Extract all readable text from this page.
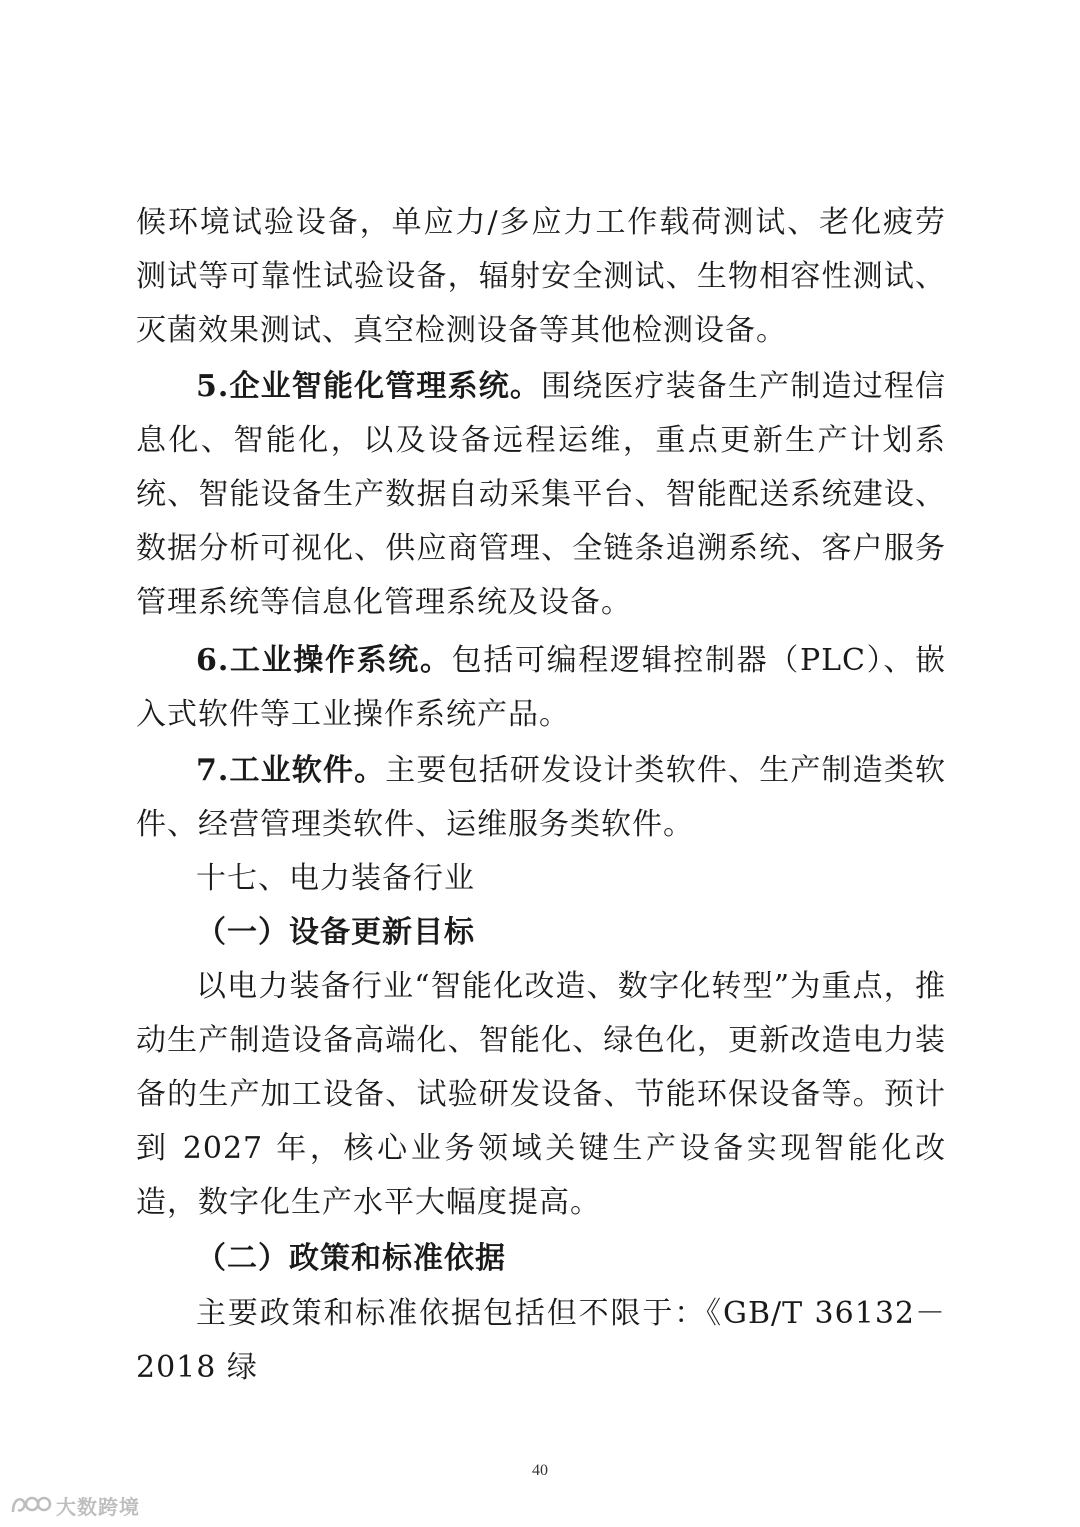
候环境试验设备，单应力/多应力工作载荷测试、老化疲劳测试等可靠性试验设备，辐射安全测试、生物相容性测试、灭菌效果测试、真空检测设备等其他检测设备。

5.企业智能化管理系统。围绕医疗装备生产制造过程信息化、智能化，以及设备远程运维，重点更新生产计划系统、智能设备生产数据自动采集平台、智能配送系统建设、数据分析可视化、供应商管理、全链条追溯系统、客户服务管理系统等信息化管理系统及设备。

6.工业操作系统。包括可编程逻辑控制器（PLC）、嵌入式软件等工业操作系统产品。

7.工业软件。主要包括研发设计类软件、生产制造类软件、经营管理类软件、运维服务类软件。

十七、电力装备行业

（一）设备更新目标

以电力装备行业“智能化改造、数字化转型”为重点，推动生产制造设备高端化、智能化、绿色化，更新改造电力装备的生产加工设备、试验研发设备、节能环保设备等。预计到 2027 年，核心业务领域关键生产设备实现智能化改造，数字化生产水平大幅度提高。

（二）政策和标准依据

主要政策和标准依据包括但不限于：《GB/T 36132－2018 绿

40
大数跨境
